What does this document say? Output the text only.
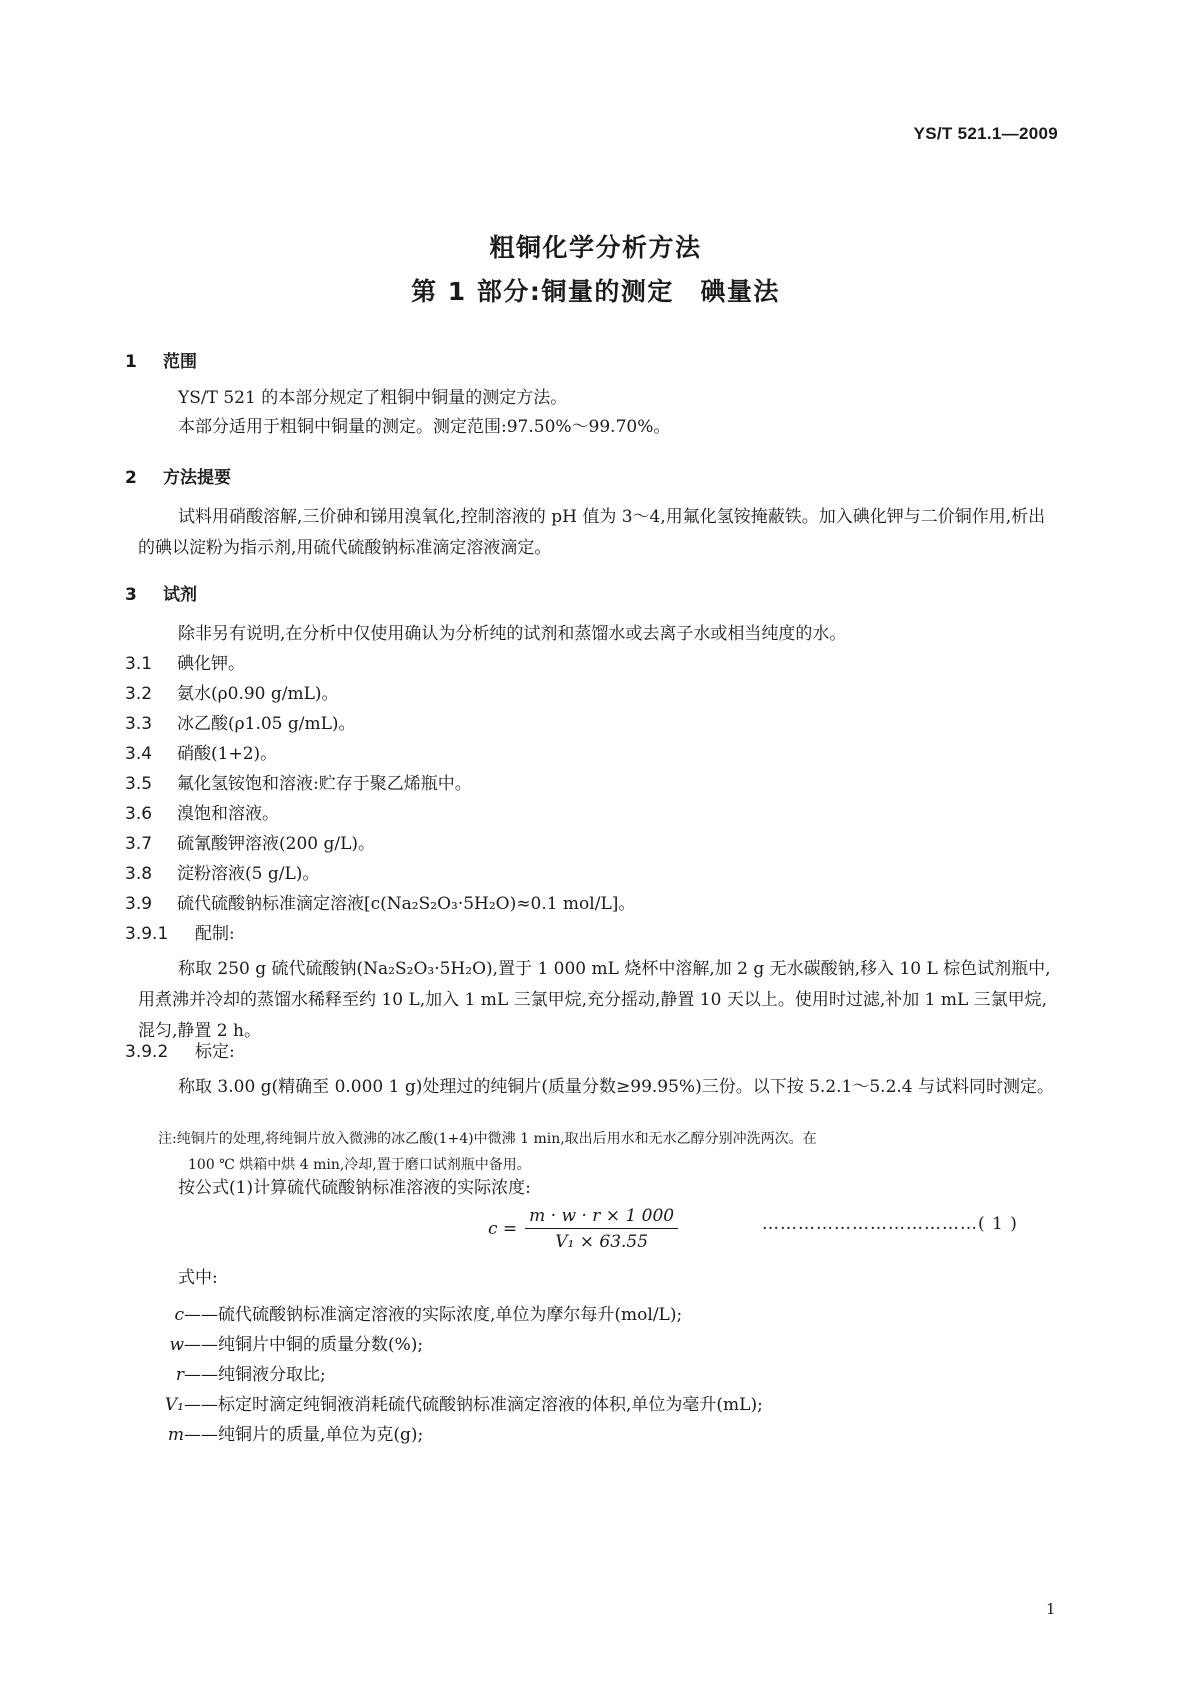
YS/T 521.1—2009
粗铜化学分析方法
第 1 部分:铜量的测定　碘量法
1 范围
YS/T 521 的本部分规定了粗铜中铜量的测定方法。
本部分适用于粗铜中铜量的测定。测定范围:97.50%～99.70%。
2 方法提要
试料用硝酸溶解,三价砷和锑用溴氧化,控制溶液的 pH 值为 3～4,用氟化氢铵掩蔽铁。加入碘化钾与二价铜作用,析出的碘以淀粉为指示剂,用硫代硫酸钠标准滴定溶液滴定。
3 试剂
除非另有说明,在分析中仅使用确认为分析纯的试剂和蒸馏水或去离子水或相当纯度的水。
3.1 碘化钾。
3.2 氨水(ρ0.90 g/mL)。
3.3 冰乙酸(ρ1.05 g/mL)。
3.4 硝酸(1+2)。
3.5 氟化氢铵饱和溶液:贮存于聚乙烯瓶中。
3.6 溴饱和溶液。
3.7 硫氰酸钾溶液(200 g/L)。
3.8 淀粉溶液(5 g/L)。
3.9 硫代硫酸钠标准滴定溶液[c(Na₂S₂O₃·5H₂O)≈0.1 mol/L]。
3.9.1 配制:
称取 250 g 硫代硫酸钠(Na₂S₂O₃·5H₂O),置于 1 000 mL 烧杯中溶解,加 2 g 无水碳酸钠,移入 10 L 棕色试剂瓶中,用煮沸并冷却的蒸馏水稀释至约 10 L,加入 1 mL 三氯甲烷,充分摇动,静置 10 天以上。使用时过滤,补加 1 mL 三氯甲烷,混匀,静置 2 h。
3.9.2 标定:
称取 3.00 g(精确至 0.000 1 g)处理过的纯铜片(质量分数≥99.95%)三份。以下按 5.2.1～5.2.4 与试料同时测定。
注:纯铜片的处理,将纯铜片放入微沸的冰乙酸(1+4)中微沸 1 min,取出后用水和无水乙醇分别冲洗两次。在
100 ℃ 烘箱中烘 4 min,冷却,置于磨口试剂瓶中备用。
按公式(1)计算硫代硫酸钠标准溶液的实际浓度:
$c = \frac{m \cdot w \cdot r \times 1 000}{\text{V₁ × 63.55}}$	………………………………( 1 )
式中:
c——硫代硫酸钠标准滴定溶液的实际浓度,单位为摩尔每升(mol/L);
w——纯铜片中铜的质量分数(%);
r——纯铜液分取比;
V₁——标定时滴定纯铜液消耗硫代硫酸钠标准滴定溶液的体积,单位为毫升(mL);
m——纯铜片的质量,单位为克(g);
1
